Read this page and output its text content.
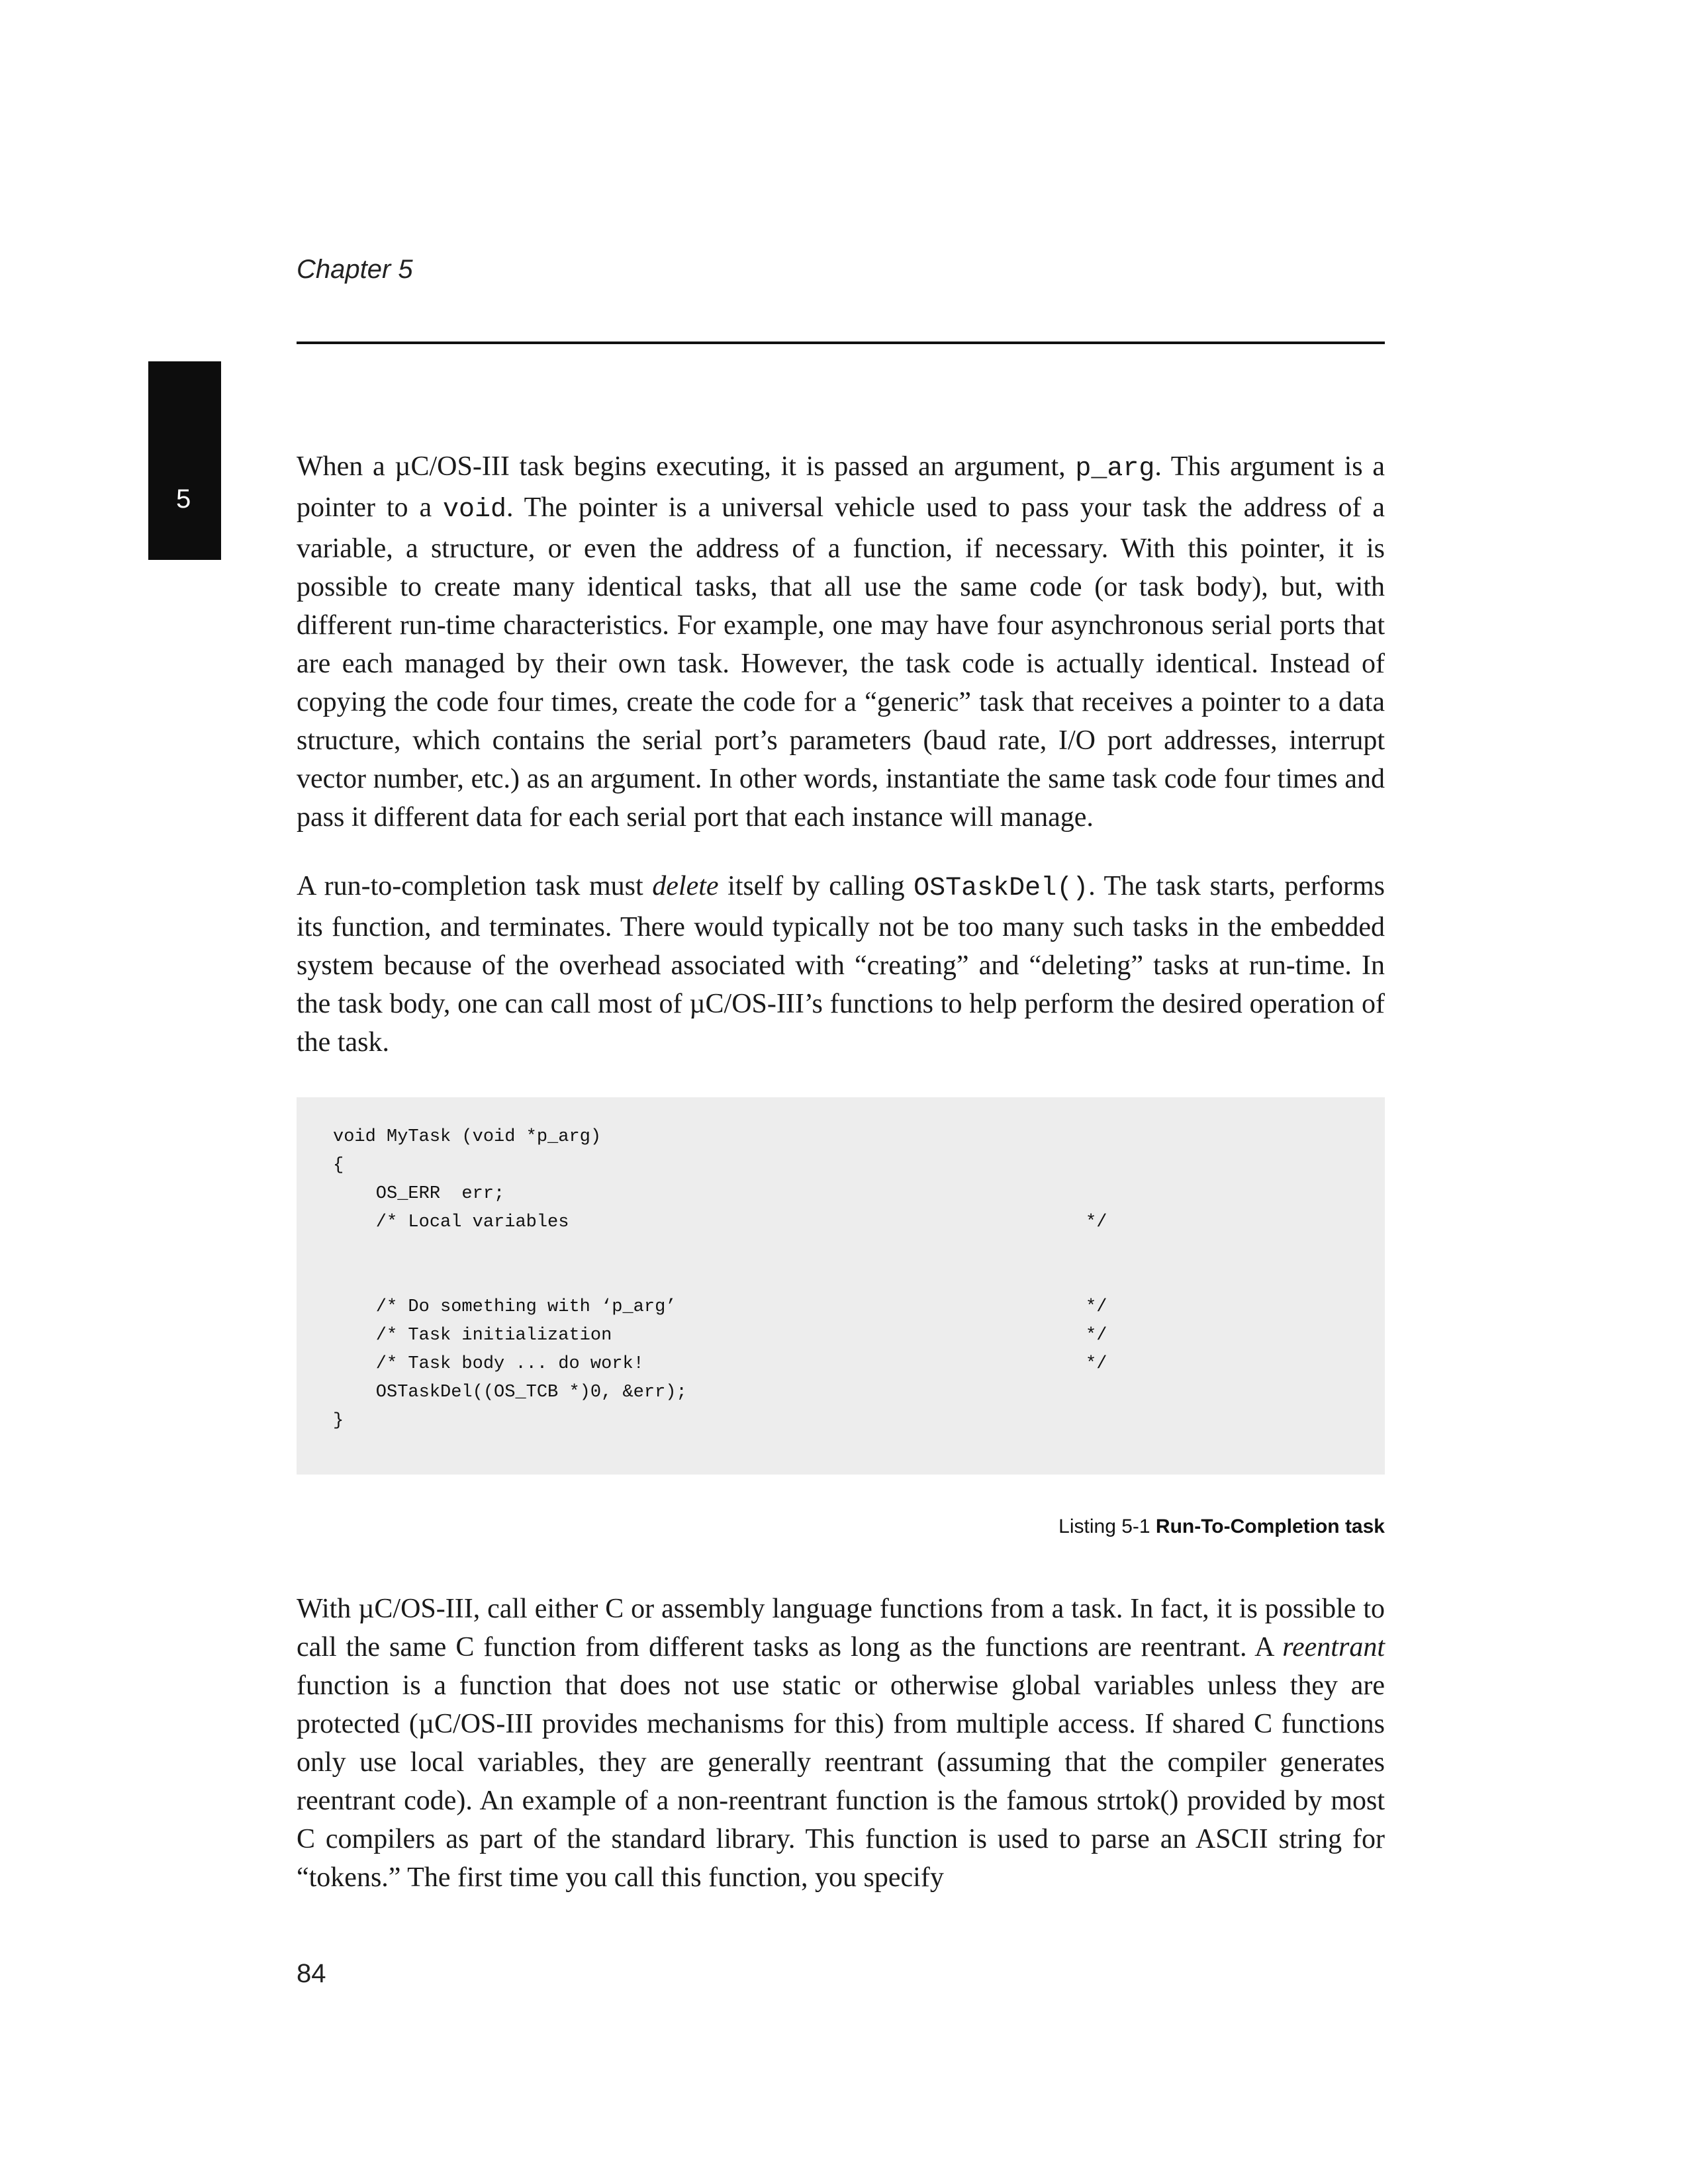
Chapter 5
5

When a µC/OS-III task begins executing, it is passed an argument, p_arg. This argument is a pointer to a void. The pointer is a universal vehicle used to pass your task the address of a variable, a structure, or even the address of a function, if necessary. With this pointer, it is possible to create many identical tasks, that all use the same code (or task body), but, with different run-time characteristics. For example, one may have four asynchronous serial ports that are each managed by their own task. However, the task code is actually identical. Instead of copying the code four times, create the code for a “generic” task that receives a pointer to a data structure, which contains the serial port’s parameters (baud rate, I/O port addresses, interrupt vector number, etc.) as an argument. In other words, instantiate the same task code four times and pass it different data for each serial port that each instance will manage.

A run-to-completion task must delete itself by calling OSTaskDel(). The task starts, performs its function, and terminates. There would typically not be too many such tasks in the embedded system because of the overhead associated with “creating” and “deleting” tasks at run-time. In the task body, one can call most of µC/OS-III’s functions to help perform the desired operation of the task.

void MyTask (void *p_arg)
{
OS_ERR  err;
/* Local variables	*/
/* Do something with ‘p_arg’	*/
/* Task initialization	*/
/* Task body ... do work!	*/
OSTaskDel((OS_TCB *)0, &err);
}
Listing 5-1 Run-To-Completion task

With µC/OS-III, call either C or assembly language functions from a task. In fact, it is possible to call the same C function from different tasks as long as the functions are reentrant. A reentrant function is a function that does not use static or otherwise global variables unless they are protected (µC/OS-III provides mechanisms for this) from multiple access. If shared C functions only use local variables, they are generally reentrant (assuming that the compiler generates reentrant code). An example of a non-reentrant function is the famous strtok() provided by most C compilers as part of the standard library. This function is used to parse an ASCII string for “tokens.” The first time you call this function, you specify

84
